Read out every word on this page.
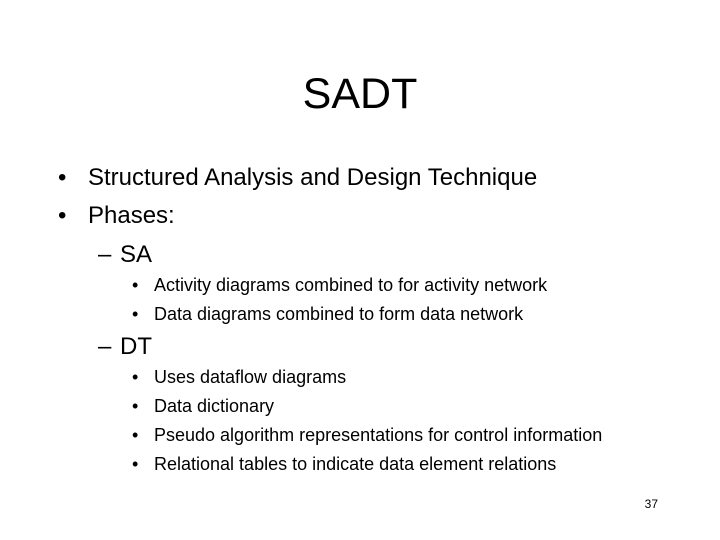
SADT
• Structured Analysis and Design Technique
• Phases:
– SA
• Activity diagrams combined to for activity network
• Data diagrams combined to form data network
– DT
• Uses dataflow diagrams
• Data dictionary
• Pseudo algorithm representations for control information
• Relational tables to indicate data element relations
37
